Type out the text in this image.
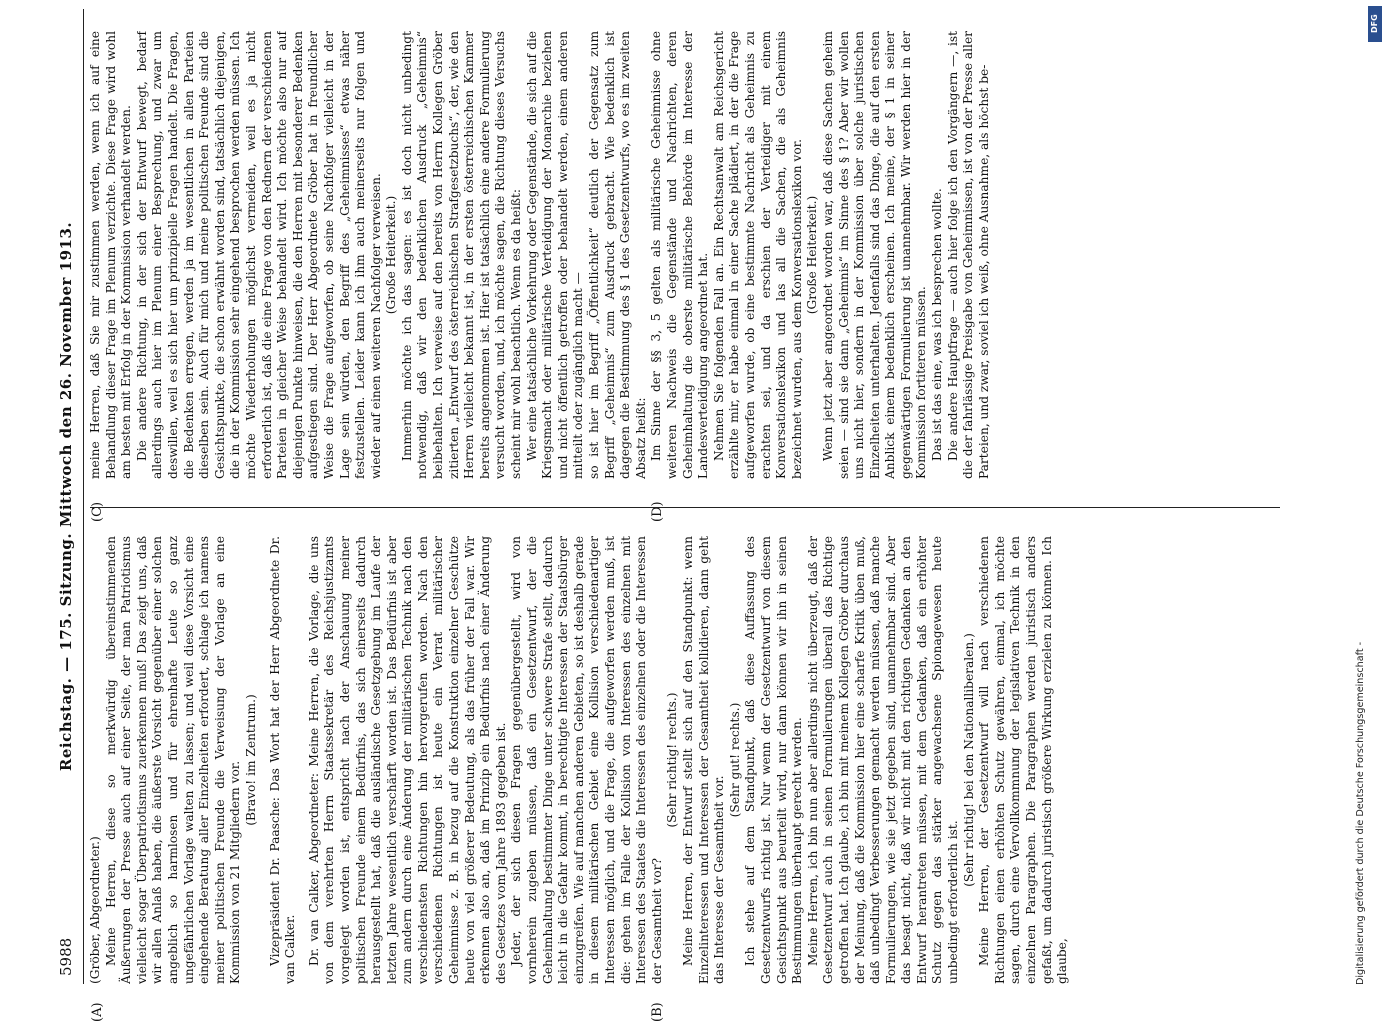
5988
Reichstag. — 175. Sitzung. Mittwoch den 26. November 1913.
(A)	(B)
(C)	(D)

(Gröber, Abgeordneter.) Meine Herren, diese so merkwürdig übereinstimmenden Äußerungen der Presse auch auf einer Seite, der man Patriotismus vielleicht sogar Überpatriotismus zuerkennen muß! Das zeigt uns, daß wir allen Anlaß haben, die äußerste Vorsicht gegenüber einer solchen angeblich so harmlosen und für ehrenhafte Leute so ganz ungefährlichen Vorlage walten zu lassen; und weil diese Vorsicht eine eingehende Beratung aller Einzelheiten erfordert, schlage ich namens meiner politischen Freunde die Verweisung der Vorlage an eine Kommission von 21 Mitgliedern vor.

(Bravo! im Zentrum.) Vizepräsident Dr. Paasche: Das Wort hat der Herr Abgeordnete Dr. van Calker. Dr. van Calker, Abgeordneter: Meine Herren, die Vorlage, die uns von dem verehrten Herrn Staatssekretär des Reichsjustizamts vorgelegt worden ist, entspricht nach der Anschauung meiner politischen Freunde einem Bedürfnis, das sich einerseits dadurch herausgestellt hat, daß die ausländische Gesetzgebung im Laufe der letzten Jahre wesentlich verschärft worden ist. Das Bedürfnis ist aber zum andern durch eine Änderung der militärischen Technik nach den verschiedensten Richtungen hin hervorgerufen worden. Nach den verschiedenen Richtungen ist heute ein Verrat militärischer Geheimnisse z. B. in bezug auf die Konstruktion einzelner Geschütze heute von viel größerer Bedeutung, als das früher der Fall war. Wir erkennen also an, daß im Prinzip ein Bedürfnis nach einer Änderung des Gesetzes vom Jahre 1893 gegeben ist. Jeder, der sich diesen Fragen gegenübergestellt, wird von vornherein zugeben müssen, daß ein Gesetzentwurf, der die Geheimhaltung bestimmter Dinge unter schwere Strafe stellt, dadurch leicht in die Gefahr kommt, in berechtigte Interessen der Staatsbürger einzugreifen. Wie auf manchen anderen Gebieten, so ist deshalb gerade in diesem militärischen Gebiet eine Kollision verschiedenartiger Interessen möglich, und die Frage, die aufgeworfen werden muß, ist die: gehen im Falle der Kollision von Interessen des einzelnen mit Interessen des Staates die Interessen des einzelnen oder die Interessen der Gesamtheit vor?

(Sehr richtig! rechts.) Meine Herren, der Entwurf stellt sich auf den Standpunkt: wenn Einzelinteressen und Interessen der Gesamtheit kollidieren, dann geht das Interesse der Gesamtheit vor.

(Sehr gut! rechts.) Ich stehe auf dem Standpunkt, daß diese Auffassung des Gesetzentwurfs richtig ist. Nur wenn der Gesetzentwurf von diesem Gesichtspunkt aus beurteilt wird, nur dann können wir ihn in seinen Bestimmungen überhaupt gerecht werden. Meine Herren, ich bin nun aber allerdings nicht überzeugt, daß der Gesetzentwurf auch in seinen Formulierungen überall das Richtige getroffen hat. Ich glaube, ich bin mit meinem Kollegen Gröber durchaus der Meinung, daß die Kommission hier eine scharfe Kritik üben muß, daß unbedingt Verbesserungen gemacht werden müssen, daß manche Formulierungen, wie sie jetzt gegeben sind, unannehmbar sind. Aber das besagt nicht, daß wir nicht mit den richtigen Gedanken an den Entwurf herantreten müssen, mit dem Gedanken, daß ein erhöhter Schutz gegen das stärker angewachsene Spionagewesen heute unbedingt erforderlich ist.

(Sehr richtig! bei den Nationalliberalen.) Meine Herren, der Gesetzentwurf will nach verschiedenen Richtungen einen erhöhten Schutz gewähren, einmal, ich möchte sagen, durch eine Vervollkommnung der legislativen Technik in den einzelnen Paragraphen. Die Paragraphen werden juristisch anders gefaßt, um dadurch juristisch größere Wirkung erzielen zu können. Ich glaube,

meine Herren, daß Sie mir zustimmen werden, wenn ich auf eine Behandlung dieser Frage im Plenum verzichte. Diese Frage wird wohl am besten mit Erfolg in der Kommission verhandelt werden. Die andere Richtung, in der sich der Entwurf bewegt, bedarf allerdings auch hier im Plenum einer Besprechung, und zwar um deswillen, weil es sich hier um prinzipielle Fragen handelt. Die Fragen, die Bedenken erregen, werden ja im wesentlichen in allen Parteien dieselben sein. Auch für mich und meine politischen Freunde sind die Gesichtspunkte, die schon erwähnt worden sind, tatsächlich diejenigen, die in der Kommission sehr eingehend besprochen werden müssen. Ich möchte Wiederholungen möglichst vermeiden, weil es ja nicht erforderlich ist, daß die eine Frage von den Rednern der verschiedenen Parteien in gleicher Weise behandelt wird. Ich möchte also nur auf diejenigen Punkte hinweisen, die den Herren mit besonderer Bedenken aufgestiegen sind. Der Herr Abgeordnete Gröber hat in freundlicher Weise die Frage aufgeworfen, ob seine Nachfolger vielleicht in der Lage sein würden, den Begriff des „Geheimnisses“ etwas näher festzustellen. Leider kann ich ihm auch meinerseits nur folgen und wieder auf einen weiteren Nachfolger verweisen. (Große Heiterkeit.) Immerhin möchte ich das sagen: es ist doch nicht unbedingt notwendig, daß wir den bedenklichen Ausdruck „Geheimnis“ beibehalten. Ich verweise auf den bereits von Herrn Kollegen Gröber zitierten „Entwurf des österreichischen Strafgesetzbuchs“, der, wie den Herren vielleicht bekannt ist, in der ersten österreichischen Kammer bereits angenommen ist. Hier ist tatsächlich eine andere Formulierung versucht worden, und, ich möchte sagen, die Richtung dieses Versuchs scheint mir wohl beachtlich. Wenn es da heißt: Wer eine tatsächliche Vorkehrung oder Gegenstände, die sich auf die Kriegsmacht oder militärische Verteidigung der Monarchie beziehen und nicht öffentlich getroffen oder behandelt werden, einem anderen mitteilt oder zugänglich macht — so ist hier im Begriff „Öffentlichkeit“ deutlich der Gegensatz zum Begriff „Geheimnis“ zum Ausdruck gebracht. Wie bedenklich ist dagegen die Bestimmung des § 1 des Gesetzentwurfs, wo es im zweiten Absatz heißt: Im Sinne der §§ 3, 5 gelten als militärische Geheimnisse ohne weiteren Nachweis die Gegenstände und Nachrichten, deren Geheimhaltung die oberste militärische Behörde im Interesse der Landesverteidigung angeordnet hat. Nehmen Sie folgenden Fall an. Ein Rechtsanwalt am Reichsgericht erzählte mir, er habe einmal in einer Sache plädiert, in der die Frage aufgeworfen wurde, ob eine bestimmte Nachricht als Geheimnis zu erachten sei, und da erschien der Verteidiger mit einem Konversationslexikon und las all die Sachen, die als Geheimnis bezeichnet wurden, aus dem Konversationslexikon vor. (Große Heiterkeit.) Wenn jetzt aber angeordnet worden war, daß diese Sachen geheim seien — sind sie dann „Geheimnis“ im Sinne des § 1? Aber wir wollen uns nicht hier, sondern in der Kommission über solche juristischen Einzelheiten unterhalten. Jedenfalls sind das Dinge, die auf den ersten Anblick einem bedenklich erscheinen. Ich meine, der § 1 in seiner gegenwärtigen Formulierung ist unannehmbar. Wir werden hier in der Kommission fortiteren müssen. Das ist das eine, was ich besprechen wollte. Die andere Hauptfrage — auch hier folge ich den Vorgängern —, ist die der fahrlässige Preisgabe von Geheimnissen, ist von der Presse aller Parteien, und zwar, soviel ich weiß, ohne Ausnahme, als höchst be-

Digitalisierung gefördert durch die Deutsche Forschungsgemeinschaft -
DFG
